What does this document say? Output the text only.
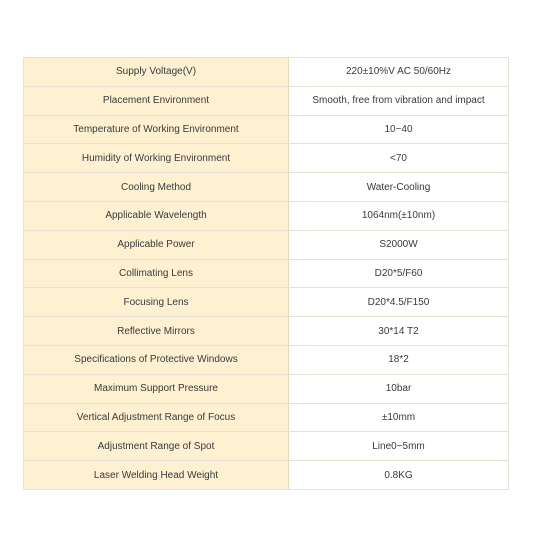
Supply Voltage(V)	220±10%V AC 50/60Hz
Placement Environment	Smooth, free from vibration and impact
Temperature of Working Environment	10~40
Humidity of Working Environment	<70
Cooling Method	Water-Cooling
Applicable Wavelength	1064nm(±10nm)
Applicable Power	S2000W
Collimating Lens	D20*5/F60
Focusing Lens	D20*4.5/F150
Reflective Mirrors	30*14 T2
Specifications of Protective Windows	18*2
Maximum Support Pressure	10bar
Vertical Adjustment Range of Focus	±10mm
Adjustment Range of Spot	Line0~5mm
Laser Welding Head Weight	0.8KG
